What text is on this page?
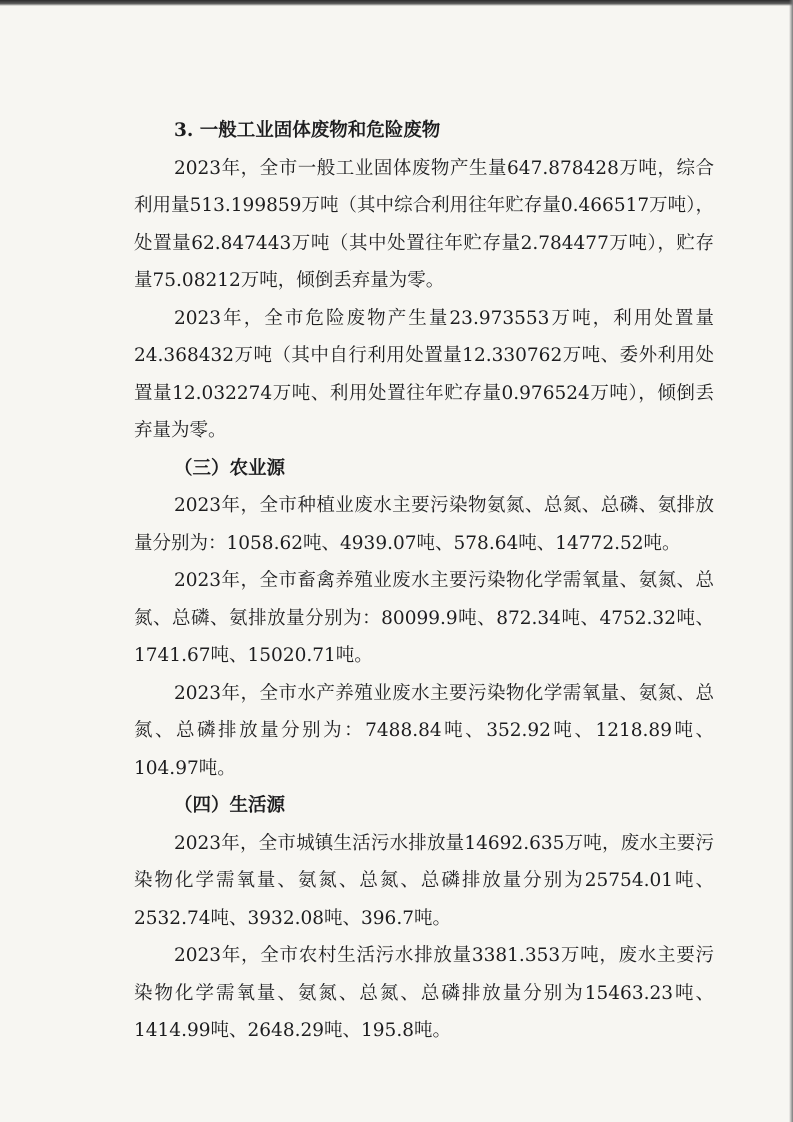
3. 一般工业固体废物和危险废物

2023年，全市一般工业固体废物产生量647.878428万吨，综合利用量513.199859万吨（其中综合利用往年贮存量0.466517万吨），处置量62.847443万吨（其中处置往年贮存量2.784477万吨），贮存量75.08212万吨，倾倒丢弃量为零。

2023年，全市危险废物产生量23.973553万吨，利用处置量24.368432万吨（其中自行利用处置量12.330762万吨、委外利用处置量12.032274万吨、利用处置往年贮存量0.976524万吨），倾倒丢弃量为零。

（三）农业源

2023年，全市种植业废水主要污染物氨氮、总氮、总磷、氨排放量分别为：1058.62吨、4939.07吨、578.64吨、14772.52吨。

2023年，全市畜禽养殖业废水主要污染物化学需氧量、氨氮、总氮、总磷、氨排放量分别为：80099.9吨、872.34吨、4752.32吨、1741.67吨、15020.71吨。

2023年，全市水产养殖业废水主要污染物化学需氧量、氨氮、总氮、总磷排放量分别为：7488.84吨、352.92吨、1218.89吨、104.97吨。

（四）生活源

2023年，全市城镇生活污水排放量14692.635万吨，废水主要污染物化学需氧量、氨氮、总氮、总磷排放量分别为25754.01吨、2532.74吨、3932.08吨、396.7吨。

2023年，全市农村生活污水排放量3381.353万吨，废水主要污染物化学需氧量、氨氮、总氮、总磷排放量分别为15463.23吨、1414.99吨、2648.29吨、195.8吨。
